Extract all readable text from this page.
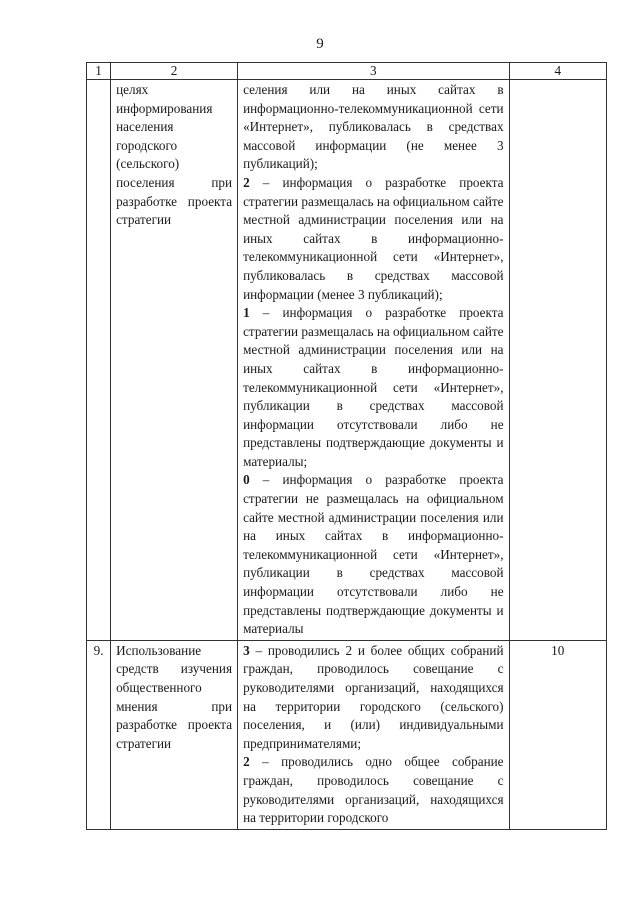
9
1	2	3	4
	целях информирования населения городского (сельского) поселения при разработке проекта стратегии	селения или на иных сайтах в информационно-телекоммуникационной сети «Интернет», публиковалась в средствах массовой информации (не менее 3 публикаций);
2 – информация о разработке проекта стратегии размещалась на официальном сайте местной администрации поселения или на иных сайтах в информационно-телекоммуникационной сети «Интернет», публиковалась в средствах массовой информации (менее 3 публикаций);
1 – информация о разработке проекта стратегии размещалась на официальном сайте местной администрации поселения или на иных сайтах в информационно-телекоммуникационной сети «Интернет», публикации в средствах массовой информации отсутствовали либо не представлены подтверждающие документы и материалы;
0 – информация о разработке проекта стратегии не размещалась на официальном сайте местной администрации поселения или на иных сайтах в информационно-телекоммуникационной сети «Интернет», публикации в средствах массовой информации отсутствовали либо не представлены подтверждающие документы и материалы	

9.	Использование средств изучения общественного мнения при разработке проекта стратегии	3 – проводились 2 и более общих собраний граждан, проводилось совещание с руководителями организаций, находящихся на территории городского (сельского) поселения, и (или) индивидуальными предпринимателями;
2 – проводились одно общее собрание граждан, проводилось совещание с руководителями организаций, находящихся на территории городского	10
